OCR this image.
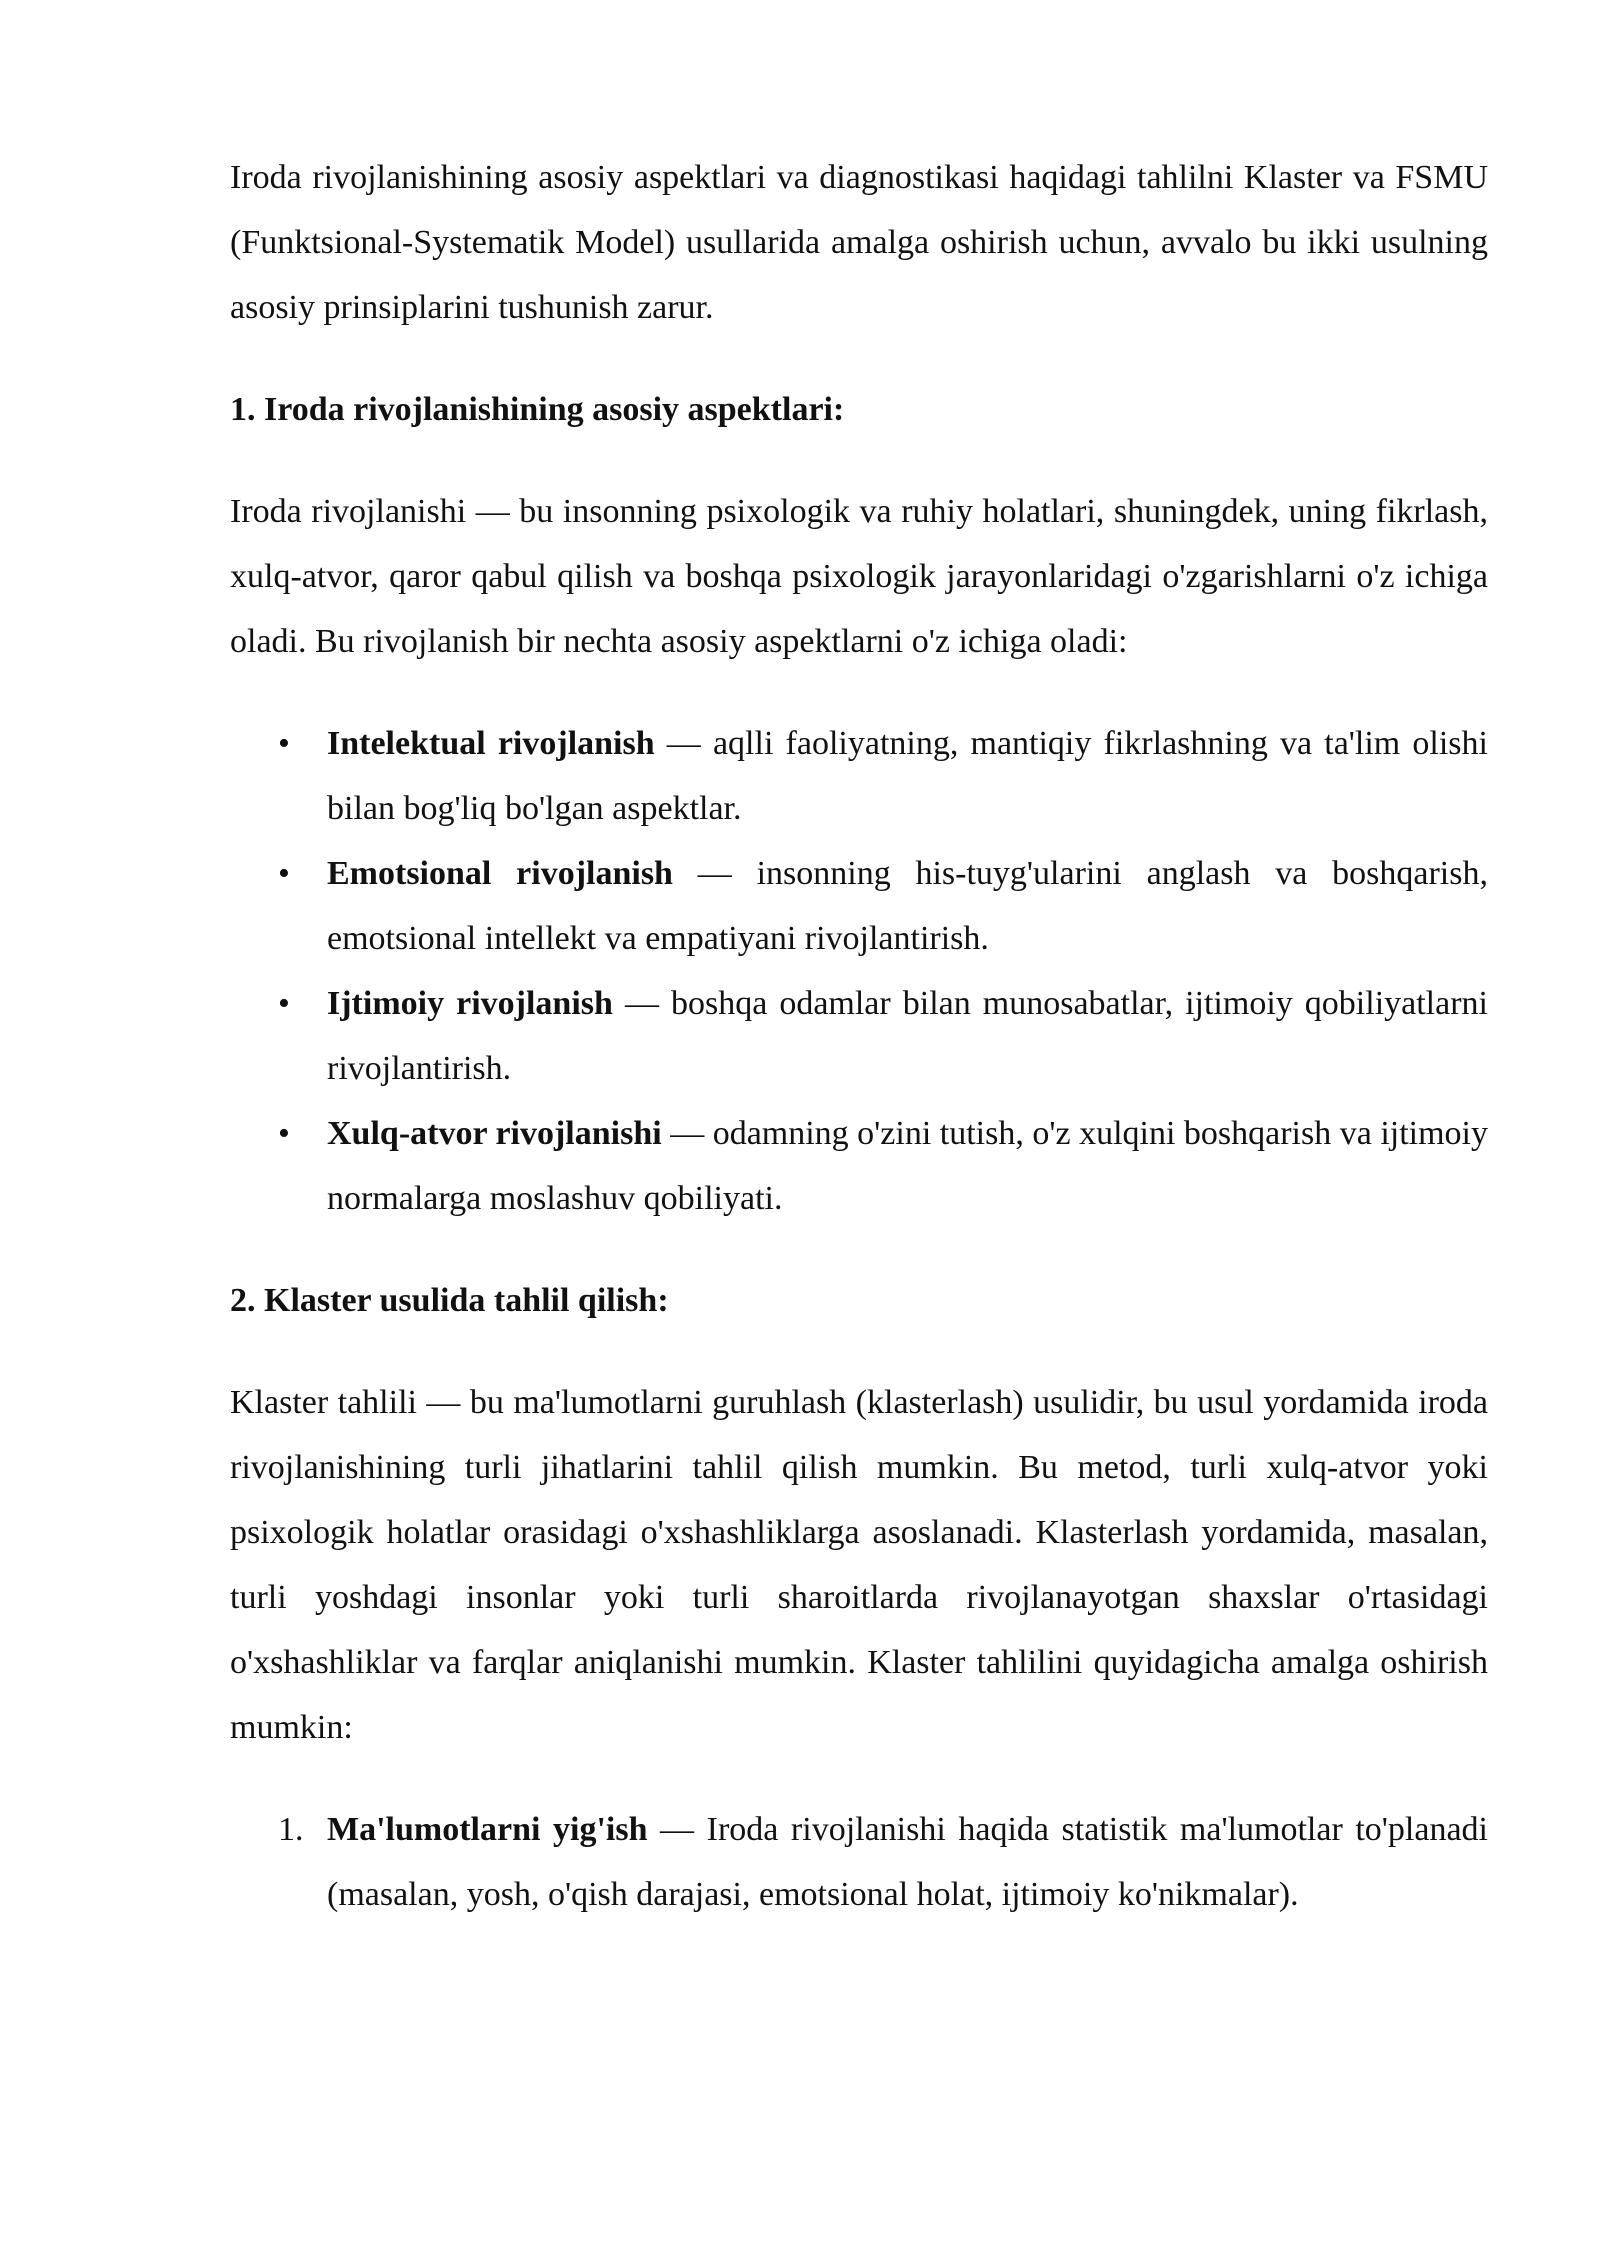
Iroda rivojlanishining asosiy aspektlari va diagnostikasi haqidagi tahlilni Klaster va FSMU (Funktsional-Systematik Model) usullarida amalga oshirish uchun, avvalo bu ikki usulning asosiy prinsiplarini tushunish zarur.

1. Iroda rivojlanishining asosiy aspektlari:

Iroda rivojlanishi — bu insonning psixologik va ruhiy holatlari, shuningdek, uning fikrlash, xulq-atvor, qaror qabul qilish va boshqa psixologik jarayonlaridagi o'zgarishlarni o'z ichiga oladi. Bu rivojlanish bir nechta asosiy aspektlarni o'z ichiga oladi:

•	Intelektual rivojlanish — aqlli faoliyatning, mantiqiy fikrlashning va ta'lim olishi bilan bog'liq bo'lgan aspektlar.
•	Emotsional rivojlanish — insonning his-tuyg'ularini anglash va boshqarish, emotsional intellekt va empatiyani rivojlantirish.
•	Ijtimoiy rivojlanish — boshqa odamlar bilan munosabatlar, ijtimoiy qobiliyatlarni rivojlantirish.
•	Xulq-atvor rivojlanishi — odamning o'zini tutish, o'z xulqini boshqarish va ijtimoiy normalarga moslashuv qobiliyati.

2. Klaster usulida tahlil qilish:

Klaster tahlili — bu ma'lumotlarni guruhlash (klasterlash) usulidir, bu usul yordamida iroda rivojlanishining turli jihatlarini tahlil qilish mumkin. Bu metod, turli xulq-atvor yoki psixologik holatlar orasidagi o'xshashliklarga asoslanadi. Klasterlash yordamida, masalan, turli yoshdagi insonlar yoki turli sharoitlarda rivojlanayotgan shaxslar o'rtasidagi o'xshashliklar va farqlar aniqlanishi mumkin. Klaster tahlilini quyidagicha amalga oshirish mumkin:

1. Ma'lumotlarni yig'ish — Iroda rivojlanishi haqida statistik ma'lumotlar to'planadi (masalan, yosh, o'qish darajasi, emotsional holat, ijtimoiy ko'nikmalar).
